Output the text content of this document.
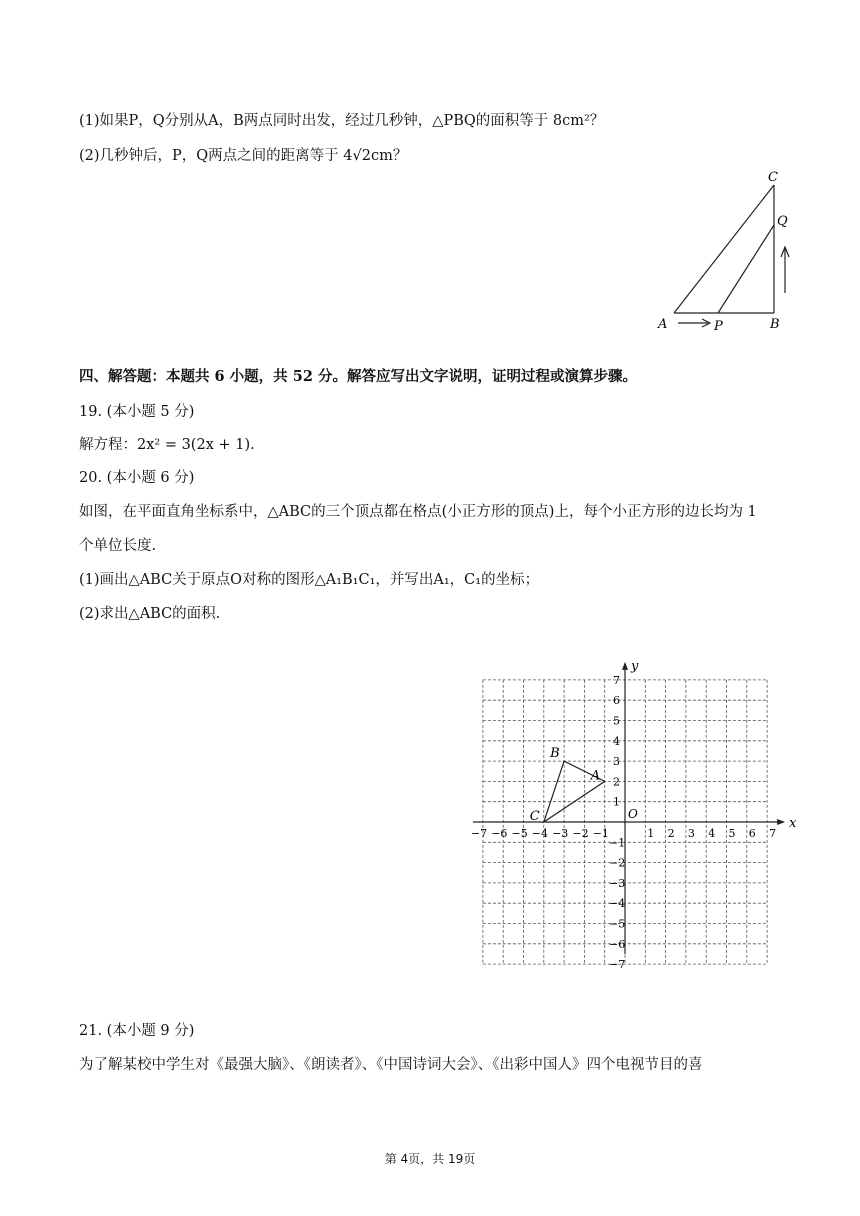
(1)如果P，Q分别从A，B两点同时出发，经过几秒钟，△PBQ的面积等于 8cm²？
(2)几秒钟后，P，Q两点之间的距离等于 4√2cm？
C
Q
A	P	B
四、解答题：本题共 6 小题，共 52 分。解答应写出文字说明，证明过程或演算步骤。
19. (本小题 5 分)
解方程：2x² = 3(2x + 1).
20. (本小题 6 分)
如图，在平面直角坐标系中，△ABC的三个顶点都在格点(小正方形的顶点)上，每个小正方形的边长均为 1
个单位长度.
(1)画出△ABC关于原点O对称的图形△A₁B₁C₁，并写出A₁，C₁的坐标；
(2)求出△ABC的面积.
x
y
O
−7
−7
−6
−6
−5
−5
−4
−4
−3
−3
−2
−2
−1
−1
1
1
2
2
3
3
4
4
5
5
6
6
7
7
A
B
C
21. (本小题 9 分)
为了解某校中学生对《最强大脑》、《朗读者》、《中国诗词大会》、《出彩中国人》四个电视节目的喜
第 4页，共 19页
